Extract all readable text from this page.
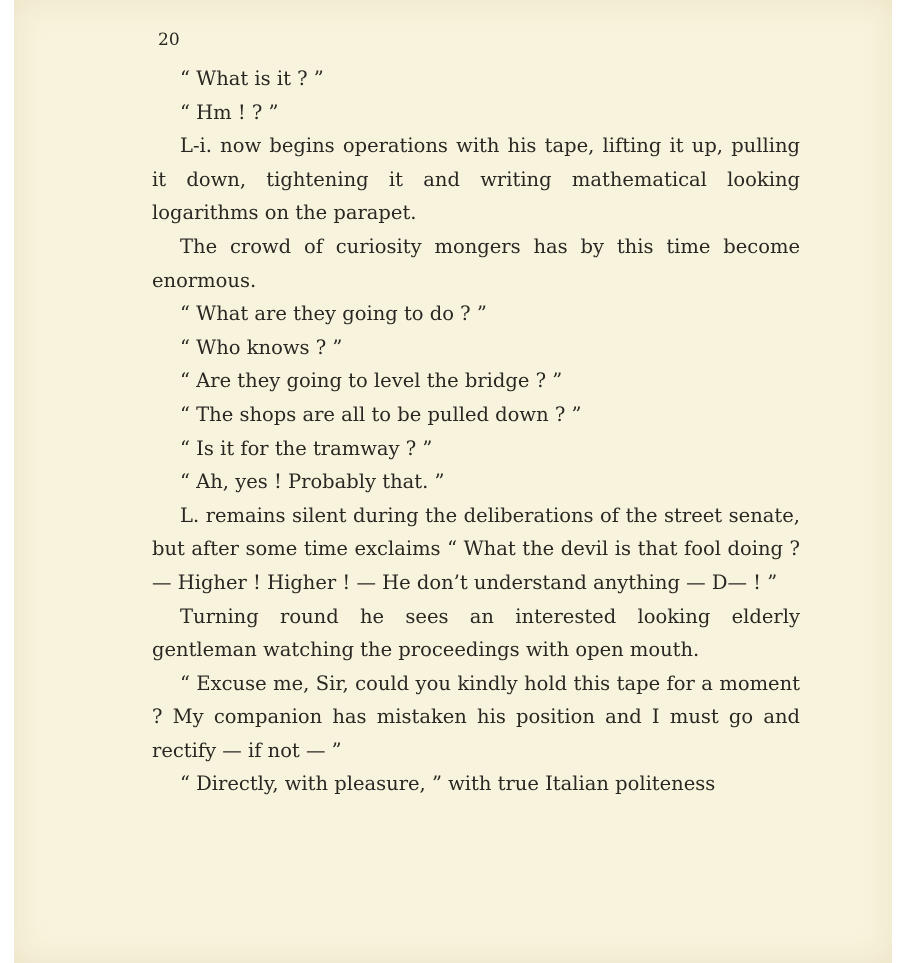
20

“ What is it ? ”

“ Hm ! ? ”

L-i. now begins operations with his tape, lifting it up, pulling it down, tightening it and writing mathematical looking logarithms on the parapet.

The crowd of curiosity mongers has by this time become enormous.

“ What are they going to do ? ”

“ Who knows ? ”

“ Are they going to level the bridge ? ”

“ The shops are all to be pulled down ? ”

“ Is it for the tramway ? ”

“ Ah, yes ! Probably that. ”

L. remains silent during the deliberations of the street senate, but after some time exclaims “ What the devil is that fool doing ? — Higher ! Higher ! — He don’t understand anything — D— ! ”

Turning round he sees an interested looking elderly gentleman watching the proceedings with open mouth.

“ Excuse me, Sir, could you kindly hold this tape for a moment ? My companion has mistaken his position and I must go and rectify — if not — ”

“ Directly, with pleasure, ” with true Italian politeness
